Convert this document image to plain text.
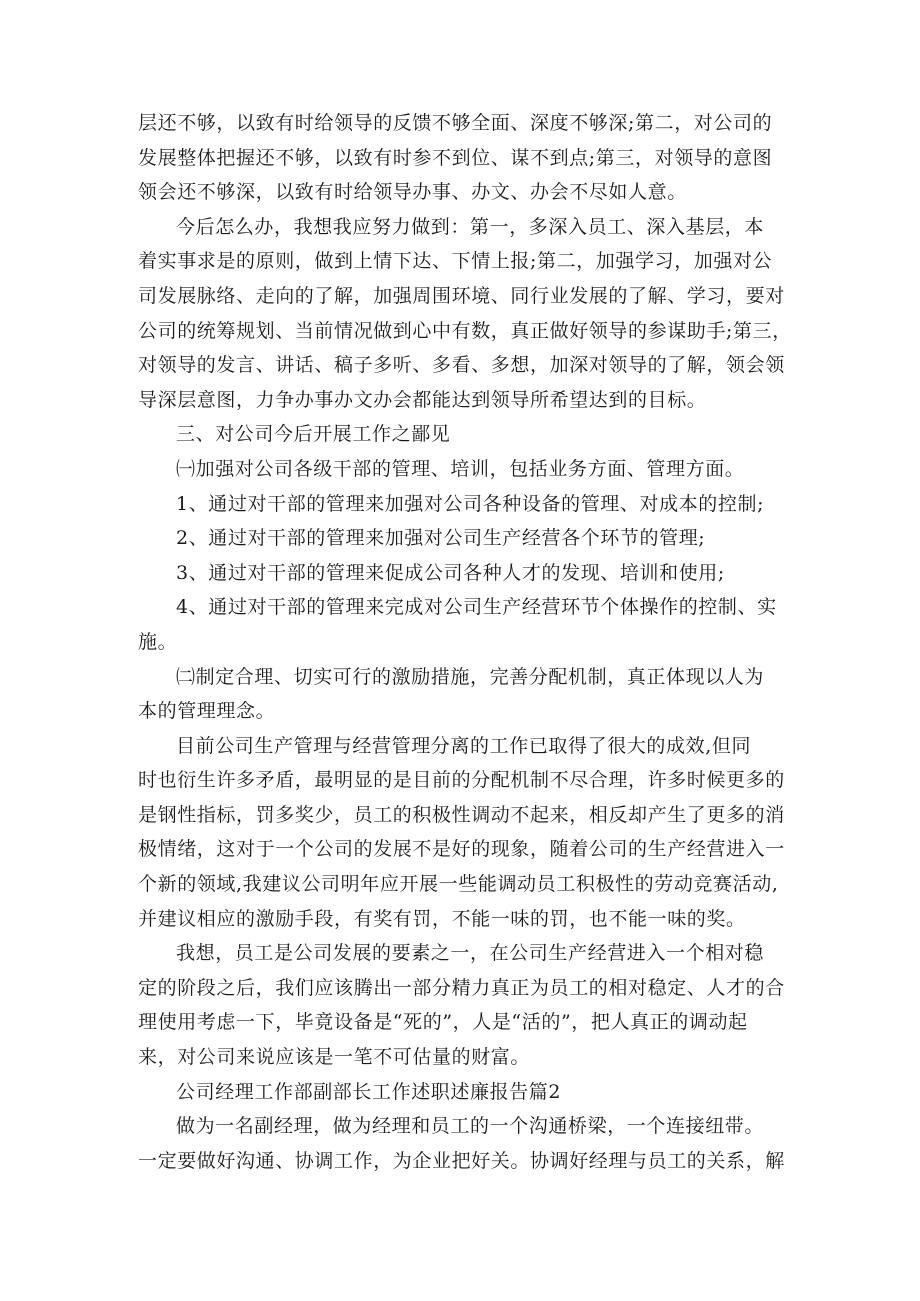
层还不够，以致有时给领导的反馈不够全面、深度不够深;第二，对公司的
发展整体把握还不够，以致有时参不到位、谋不到点;第三，对领导的意图
领会还不够深，以致有时给领导办事、办文、办会不尽如人意。
今后怎么办，我想我应努力做到：第一，多深入员工、深入基层，本
着实事求是的原则，做到上情下达、下情上报;第二，加强学习，加强对公
司发展脉络、走向的了解，加强周围环境、同行业发展的了解、学习，要对
公司的统筹规划、当前情况做到心中有数，真正做好领导的参谋助手;第三，
对领导的发言、讲话、稿子多听、多看、多想，加深对领导的了解，领会领
导深层意图，力争办事办文办会都能达到领导所希望达到的目标。
三、对公司今后开展工作之鄙见
㈠加强对公司各级干部的管理、培训，包括业务方面、管理方面。
1、通过对干部的管理来加强对公司各种设备的管理、对成本的控制;
2、通过对干部的管理来加强对公司生产经营各个环节的管理;
3、通过对干部的管理来促成公司各种人才的发现、培训和使用;
4、通过对干部的管理来完成对公司生产经营环节个体操作的控制、实
施。
㈡制定合理、切实可行的激励措施，完善分配机制，真正体现以人为
本的管理理念。
目前公司生产管理与经营管理分离的工作已取得了很大的成效,但同
时也衍生许多矛盾，最明显的是目前的分配机制不尽合理，许多时候更多的
是钢性指标，罚多奖少，员工的积极性调动不起来，相反却产生了更多的消
极情绪，这对于一个公司的发展不是好的现象，随着公司的生产经营进入一
个新的领域,我建议公司明年应开展一些能调动员工积极性的劳动竞赛活动,
并建议相应的激励手段，有奖有罚，不能一味的罚，也不能一味的奖。
我想，员工是公司发展的要素之一，在公司生产经营进入一个相对稳
定的阶段之后，我们应该腾出一部分精力真正为员工的相对稳定、人才的合
理使用考虑一下，毕竟设备是“死的”，人是“活的”，把人真正的调动起
来，对公司来说应该是一笔不可估量的财富。
公司经理工作部副部长工作述职述廉报告篇2
做为一名副经理，做为经理和员工的一个沟通桥梁，一个连接纽带。
一定要做好沟通、协调工作，为企业把好关。协调好经理与员工的关系，解
